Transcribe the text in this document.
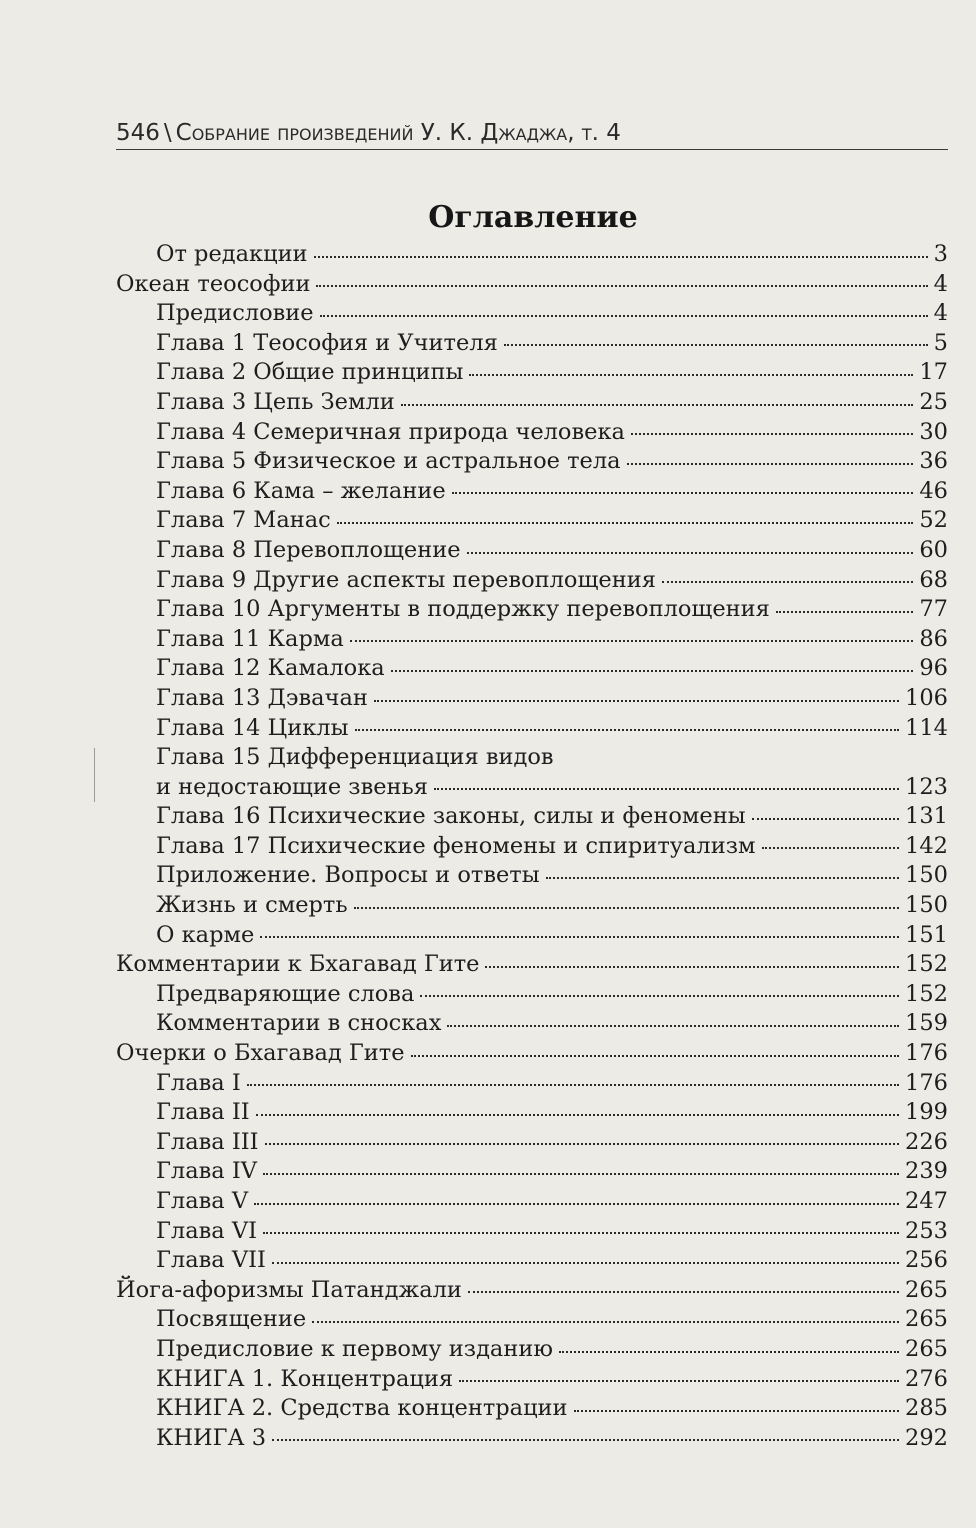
546 \ Собрание произведений У. К. Джаджа, т. 4
Оглавление
От редакции	3
Океан теософии	4
Предисловие	4
Глава 1 Теософия и Учителя	5
Глава 2 Общие принципы	17
Глава 3 Цепь Земли	25
Глава 4 Семеричная природа человека	30
Глава 5 Физическое и астральное тела	36
Глава 6 Кама – желание	46
Глава 7 Манас	52
Глава 8 Перевоплощение	60
Глава 9 Другие аспекты перевоплощения	68
Глава 10 Аргументы в поддержку перевоплощения	77
Глава 11 Карма	86
Глава 12 Камалока	96
Глава 13 Дэвачан	106
Глава 14 Циклы	114
Глава 15 Дифференциация видов
и недостающие звенья	123
Глава 16 Психические законы, силы и феномены	131
Глава 17 Психические феномены и спиритуализм	142
Приложение. Вопросы и ответы	150
Жизнь и смерть	150
О карме	151
Комментарии к Бхагавад Гите	152
Предваряющие слова	152
Комментарии в сносках	159
Очерки о Бхагавад Гите	176
Глава I	176
Глава II	199
Глава III	226
Глава IV	239
Глава V	247
Глава VI	253
Глава VII	256
Йога-афоризмы Патанджали	265
Посвящение	265
Предисловие к первому изданию	265
КНИГА 1. Концентрация	276
КНИГА 2. Средства концентрации	285
КНИГА 3	292
